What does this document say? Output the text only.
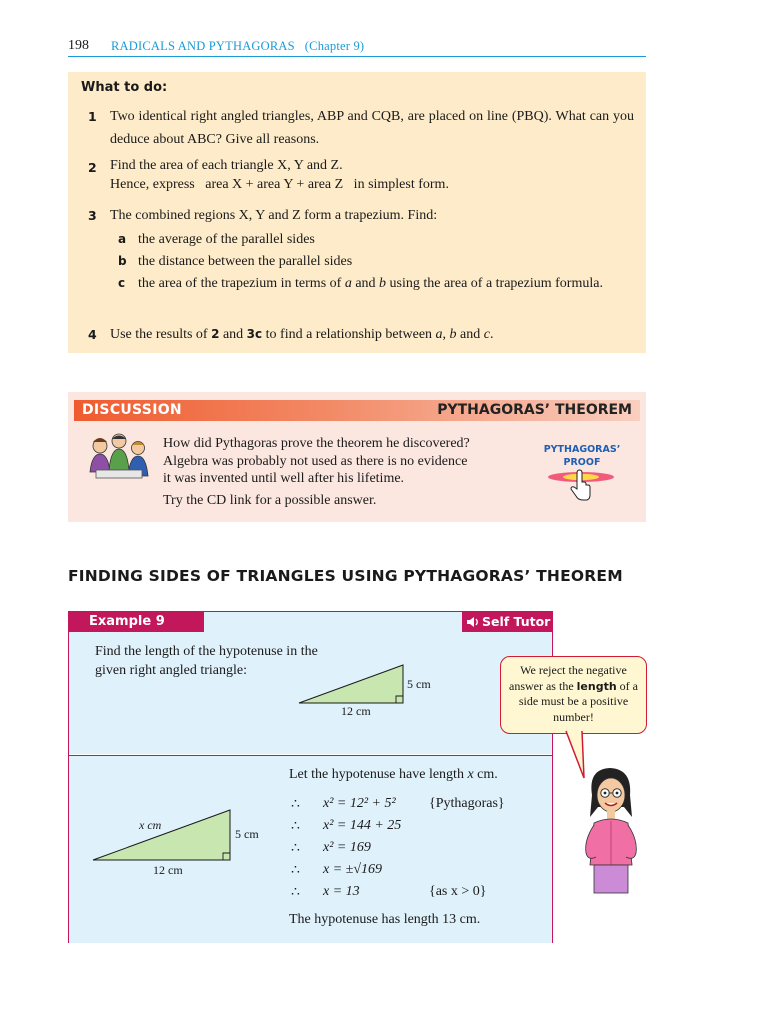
198 RADICALS AND PYTHAGORAS (Chapter 9)
What to do:
1 Two identical right angled triangles, ABP and CQB, are placed on line (PBQ). What can you deduce about ABC? Give all reasons.
2 Find the area of each triangle X, Y and Z.
Hence, express   area X + area Y + area Z   in simplest form.
3 The combined regions X, Y and Z form a trapezium. Find:
a the average of the parallel sides
b the distance between the parallel sides
c the area of the trapezium in terms of a and b using the area of a trapezium formula.
4 Use the results of 2 and 3c to find a relationship between a, b and c.
DISCUSSION	PYTHAGORAS’ THEOREM
How did Pythagoras prove the theorem he discovered?
Algebra was probably not used as there is no evidence
it was invented until well after his lifetime.
Try the CD link for a possible answer.
PYTHAGORAS’
PROOF
FINDING SIDES OF TRIANGLES USING PYTHAGORAS’ THEOREM
Example 9	Self Tutor
Find the length of the hypotenuse in the
given right angled triangle:
5 cm
12 cm
x cm
5 cm
12 cm
Let the hypotenuse have length x cm.
∴ x² = 12² + 5² {Pythagoras}
∴ x² = 144 + 25
∴ x² = 169
∴ x = ±√169
∴ x = 13	{as x > 0}
The hypotenuse has length 13 cm.
We reject the negative answer as the length of a side must be a positive number!
